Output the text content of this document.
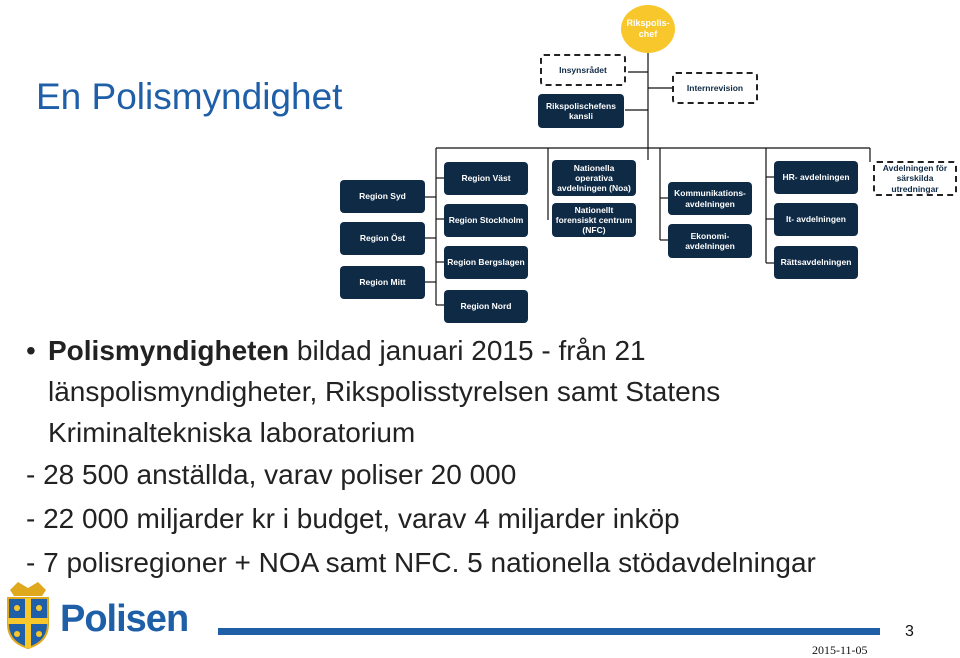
En Polismyndighet
Rikspolis-
chef
Insynsrådet
Internrevision
Rikspolischefens kansli
Region Syd
Region Öst
Region Mitt
Region Väst
Region Stockholm
Region Bergslagen
Region Nord
Nationella operativa avdelningen (Noa)
Nationellt forensiskt centrum (NFC)
Kommunikations-
avdelningen
Ekonomi-
avdelningen
HR- avdelningen
It- avdelningen
Rättsavdelningen
Avdelningen för särskilda utredningar
• Polismyndigheten bildad januari 2015 - från 21
länspolismyndigheter, Rikspolisstyrelsen samt Statens
Kriminaltekniska laboratorium
- 28 500 anställda, varav poliser 20 000
- 22 000 miljarder kr i budget, varav 4 miljarder inköp
- 7 polisregioner + NOA samt NFC. 5 nationella stödavdelningar
Polisen	3
2015-11-05
